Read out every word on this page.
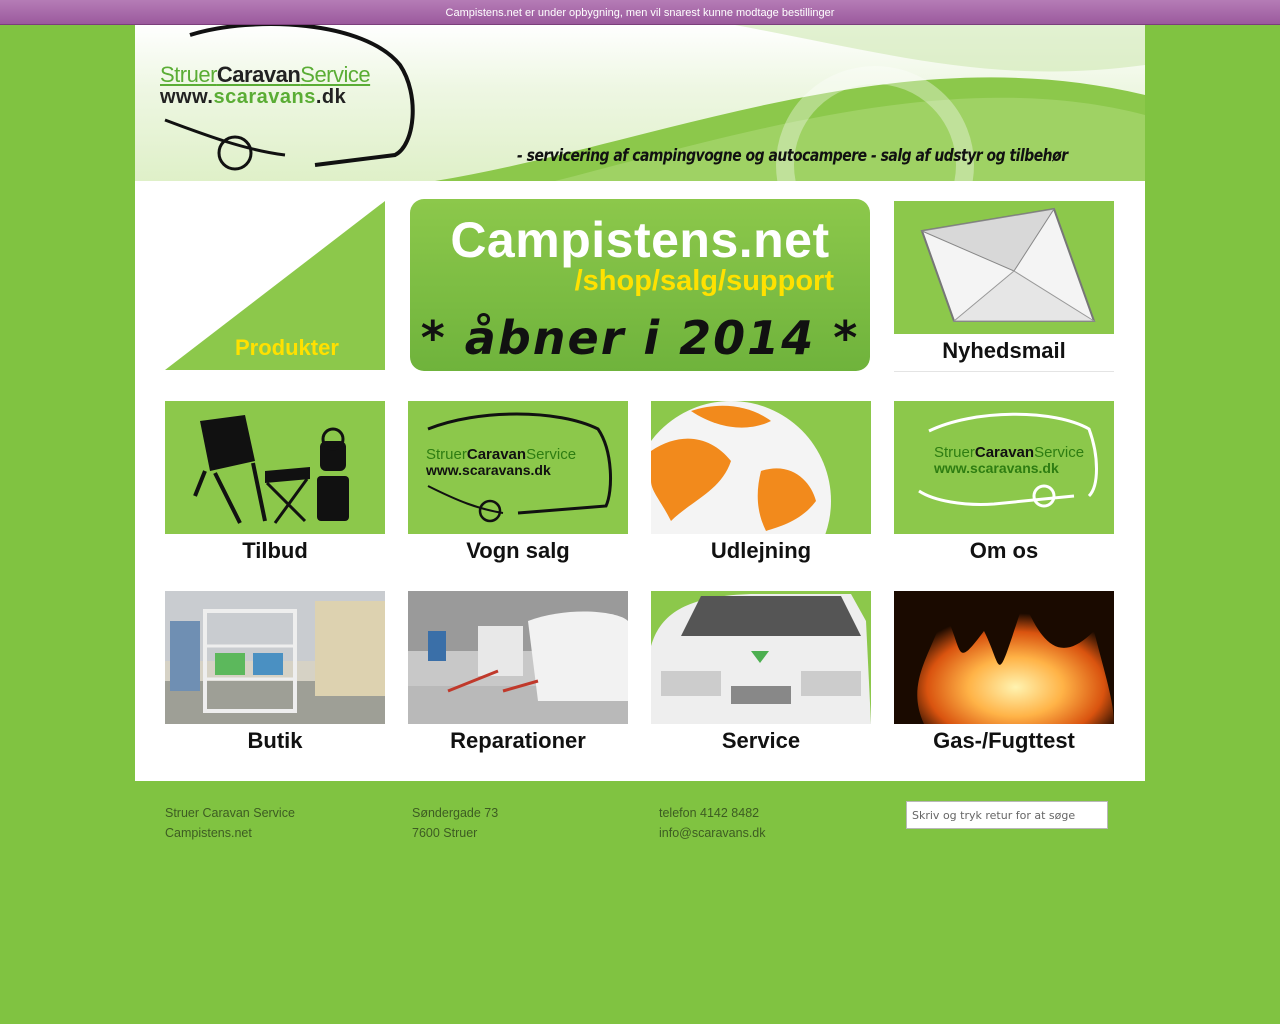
Campistens.net er under opbygning, men vil snarest kunne modtage bestillinger
StruerCaravanService
www.scaravans.dk
- servicering af campingvogne og autocampere - salg af udstyr og tilbehør
Produkter
Campistens.net
/shop/salg/support
* åbner i 2014 *	Nyhedsmail
Tilbud
StruerCaravanService
www.scaravans.dk
Vogn salg	Udlejning
StruerCaravanService
www.scaravans.dk
Om os
Butik	Reparationer	Service	Gas-/Fugttest
Struer Caravan Service
Campistens.net
Søndergade 73
7600 Struer
telefon 4142 8482
info@scaravans.dk
Skriv og tryk retur for at søge
